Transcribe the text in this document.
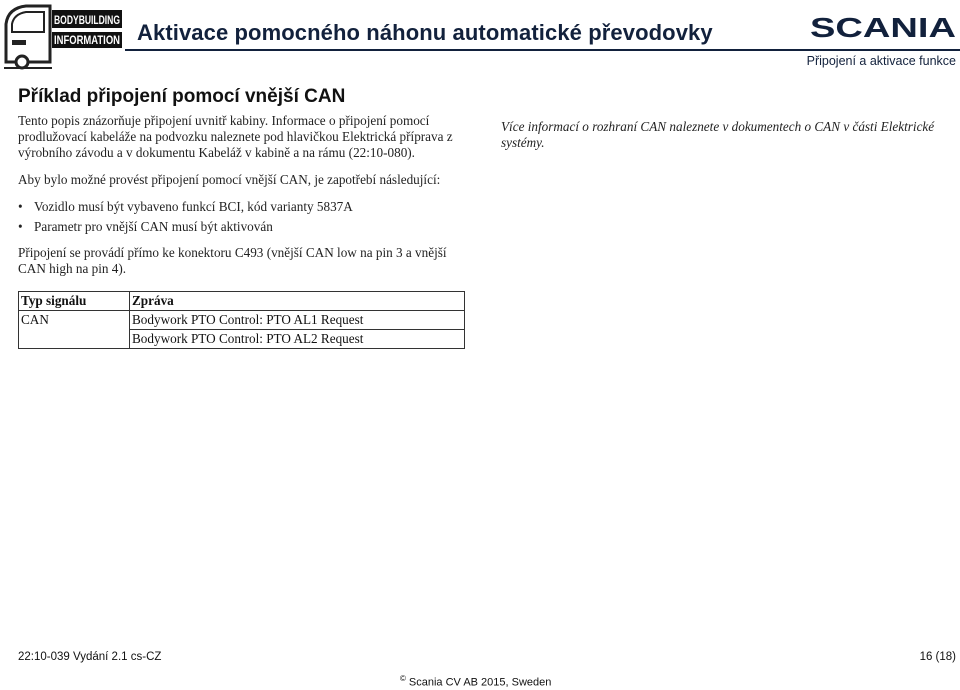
BODYBUILDING
INFORMATION Aktivace pomocného náhonu automatické převodovky	SCANIA
Připojení a aktivace funkce
Příklad připojení pomocí vnější CAN
Tento popis znázorňuje připojení uvnitř kabiny. Informace o připojení pomocí prodlužovací kabeláže na podvozku naleznete pod hlavičkou Elektrická příprava z výrobního závodu a v dokumentu Kabeláž v kabině a na rámu (22:10-080).
Více informací o rozhraní CAN naleznete v dokumentech o CAN v části Elektrické systémy.
Aby bylo možné provést připojení pomocí vnější CAN, je zapotřebí následující:
• Vozidlo musí být vybaveno funkcí BCI, kód varianty 5837A
• Parametr pro vnější CAN musí být aktivován
Připojení se provádí přímo ke konektoru C493 (vnější CAN low na pin 3 a vnější CAN high na pin 4).
Typ signálu	Zpráva
CAN	Bodywork PTO Control: PTO AL1 Request
	Bodywork PTO Control: PTO AL2 Request
22:10-039 Vydání 2.1 cs-CZ	16 (18)
© Scania CV AB 2015, Sweden
